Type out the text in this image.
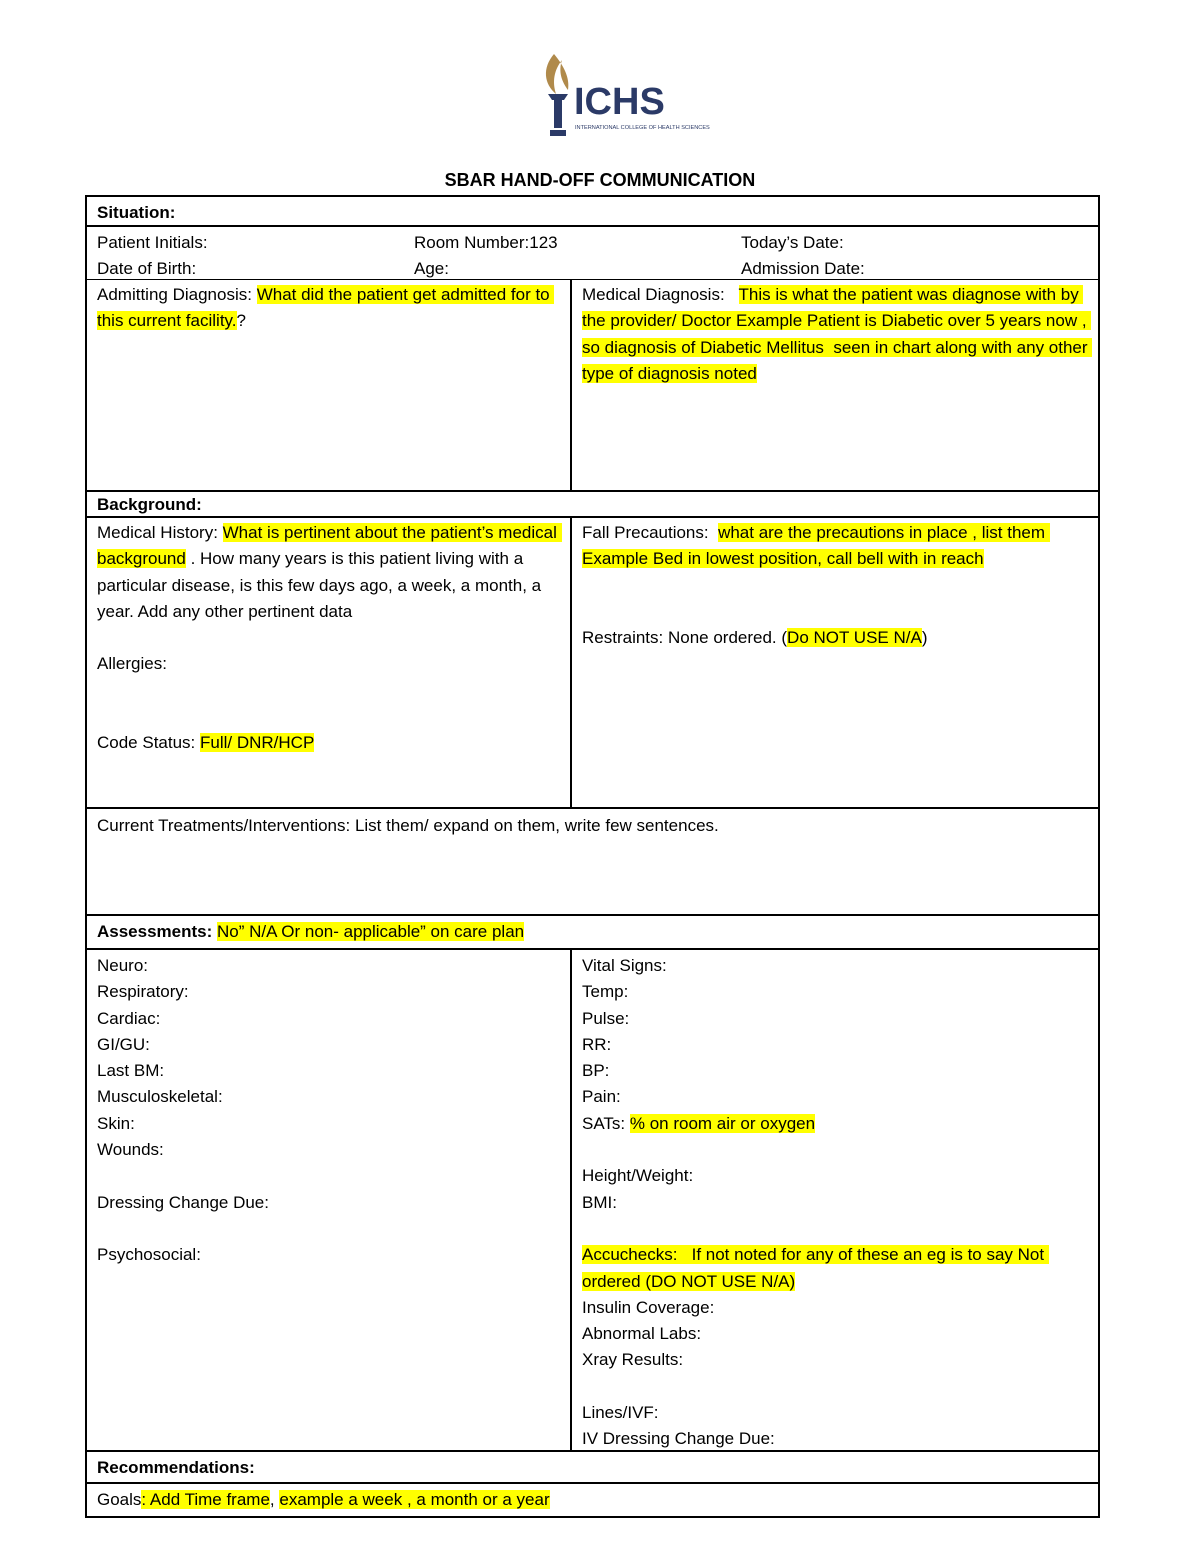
ICHS
INTERNATIONAL COLLEGE OF HEALTH SCIENCES
SBAR HAND-OFF COMMUNICATION
Situation:
Patient Initials:	Room Number:123	Today’s Date:
Date of Birth:	Age:	Admission Date:
Admitting Diagnosis: What did the patient get admitted for to this current facility.?
Medical Diagnosis:   This is what the patient was diagnose with by the provider/ Doctor Example Patient is Diabetic over 5 years now , so diagnosis of Diabetic Mellitus  seen in chart along with any other type of diagnosis noted
Background:
Medical History: What is pertinent about the patient’s medical background . How many years is this patient living with a particular disease, is this few days ago, a week, a month, a year. Add any other pertinent data
Allergies:
Code Status: Full/ DNR/HCP
Fall Precautions:  what are the precautions in place , list them Example Bed in lowest position, call bell with in reach
Restraints: None ordered. (Do NOT USE N/A)
Current Treatments/Interventions: List them/ expand on them, write few sentences.
Assessments: No” N/A Or non- applicable” on care plan
Neuro:
Respiratory:
Cardiac:
GI/GU:
Last BM:
Musculoskeletal:
Skin:
Wounds:
Dressing Change Due:
Psychosocial:
Vital Signs:
Temp:
Pulse:
RR:
BP:
Pain:
SATs: % on room air or oxygen
Height/Weight:
BMI:
Accuchecks:   If not noted for any of these an eg is to say Not ordered (DO NOT USE N/A)
Insulin Coverage:
Abnormal Labs:
Xray Results:
Lines/IVF:
IV Dressing Change Due:
Recommendations:
Goals: Add Time frame, example a week , a month or a year
